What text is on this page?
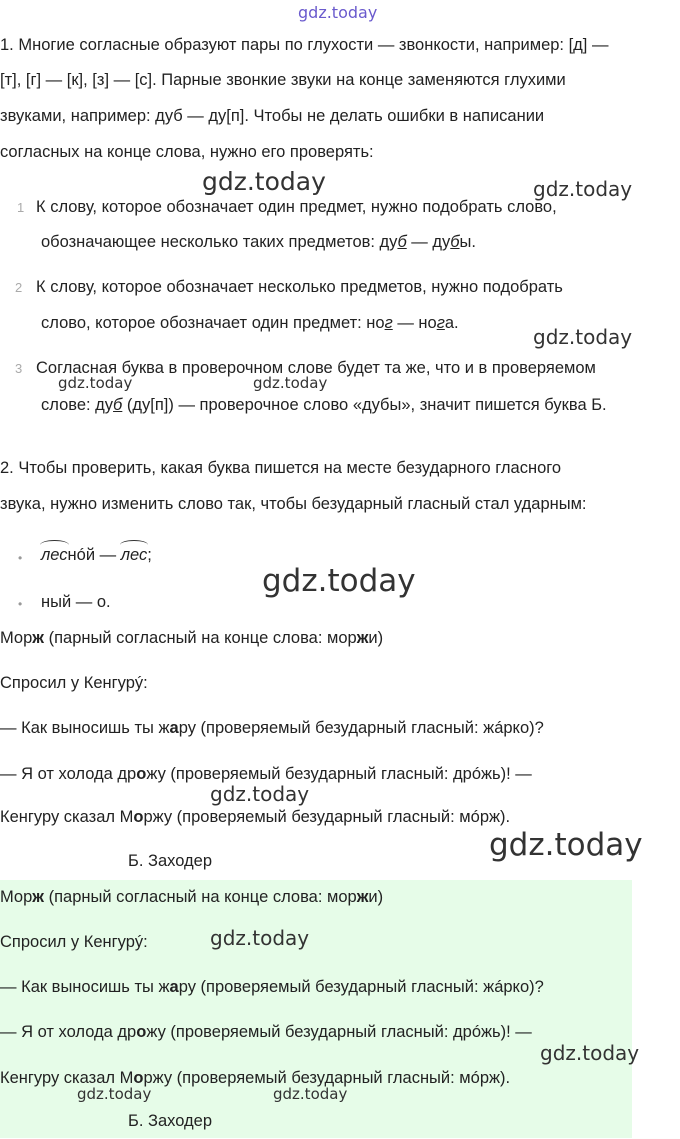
gdz.today
1. Многие согласные образуют пары по глухости — звонкости, например: [д] —
[т], [г] — [к], [з] — [с]. Парные звонкие звуки на конце заменяются глухими
звуками, например: дуб — ду[п]. Чтобы не делать ошибки в написании
согласных на конце слова, нужно его проверять:
gdz.today	gdz.today
1 К слову, которое обозначает один предмет, нужно подобрать слово,
обозначающее несколько таких предметов: дуб — дубы.
2 К слову, которое обозначает несколько предметов, нужно подобрать
слово, которое обозначает один предмет: ног — нога.
gdz.today
3 Согласная буква в проверочном слове будет та же, что и в проверяемом
слове: дуб (ду[п]) — проверочное слово «дубы», значит пишется буква Б.
gdz.today	gdz.today
2. Чтобы проверить, какая буква пишется на месте безударного гласного
звука, нужно изменить слово так, чтобы безударный гласный стал ударным:
• леснóй — лес;
gdz.today
• ный — о.
Морж (парный согласный на конце слова: моржи)
Спросил у Кенгурý:
— Как выносишь ты жару (проверяемый безударный гласный: жáрко)?
— Я от холода дрожу (проверяемый безударный гласный: дрóжь)! —
Кенгуру сказал Моржу (проверяемый безударный гласный: мóрж).
Б. Заходер
gdz.today
gdz.today
Морж (парный согласный на конце слова: моржи)
Спросил у Кенгурý:
— Как выносишь ты жару (проверяемый безударный гласный: жáрко)?
— Я от холода дрожу (проверяемый безударный гласный: дрóжь)! —
Кенгуру сказал Моржу (проверяемый безударный гласный: мóрж).
Б. Заходер
gdz.today
gdz.today
gdz.today	gdz.today
